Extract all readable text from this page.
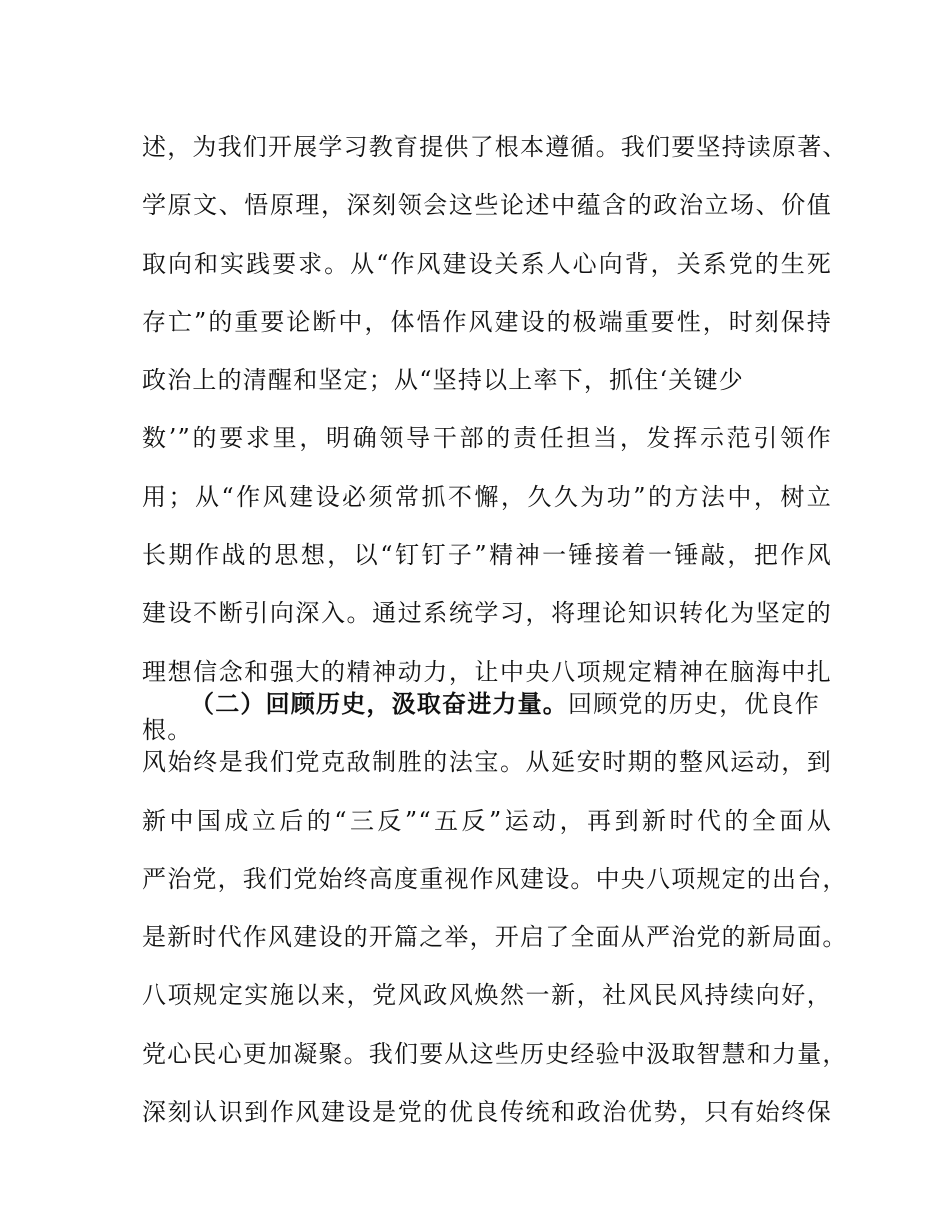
述，为我们开展学习教育提供了根本遵循。我们要坚持读原著、
学原文、悟原理，深刻领会这些论述中蕴含的政治立场、价值
取向和实践要求。从“作风建设关系人心向背，关系党的生死
存亡”的重要论断中，体悟作风建设的极端重要性，时刻保持
政治上的清醒和坚定；从“坚持以上率下，抓住‘关键少
数’”的要求里，明确领导干部的责任担当，发挥示范引领作
用；从“作风建设必须常抓不懈，久久为功”的方法中，树立
长期作战的思想，以“钉钉子”精神一锤接着一锤敲，把作风
建设不断引向深入。通过系统学习，将理论知识转化为坚定的
理想信念和强大的精神动力，让中央八项规定精神在脑海中扎
根。
（二）回顾历史，汲取奋进力量。回顾党的历史，优良作
风始终是我们党克敌制胜的法宝。从延安时期的整风运动，到
新中国成立后的“三反”“五反”运动，再到新时代的全面从
严治党，我们党始终高度重视作风建设。中央八项规定的出台，
是新时代作风建设的开篇之举，开启了全面从严治党的新局面。
八项规定实施以来，党风政风焕然一新，社风民风持续向好，
党心民心更加凝聚。我们要从这些历史经验中汲取智慧和力量，
深刻认识到作风建设是党的优良传统和政治优势，只有始终保
